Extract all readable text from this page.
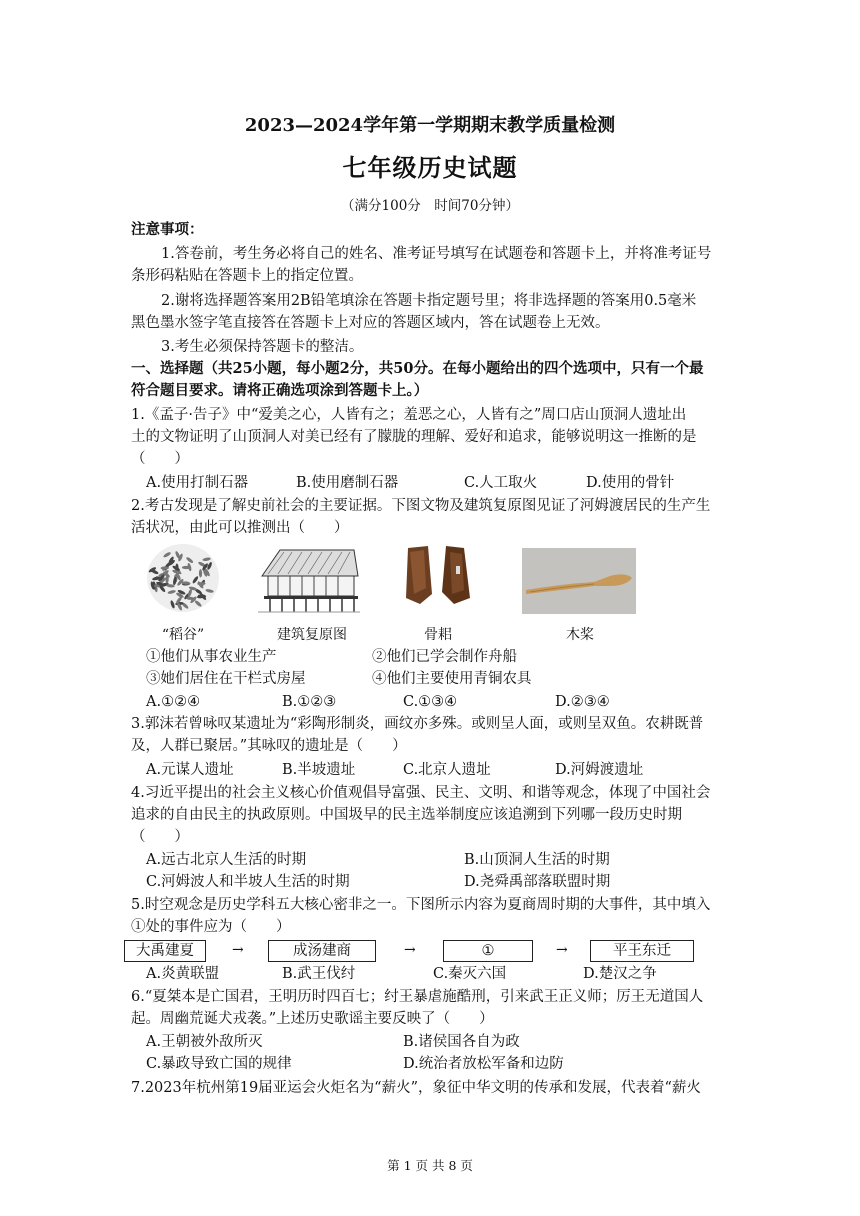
2023—2024学年第一学期期末教学质量检测
七年级历史试题
（满分100分　时间70分钟）
注意事项：
1.答卷前，考生务必将自己的姓名、准考证号填写在试题卷和答题卡上，并将准考证号
条形码粘贴在答题卡上的指定位置。
2.谢将选择题答案用2B铅笔填涂在答题卡指定题号里；将非选择题的答案用0.5毫米
黑色墨水签字笔直接答在答题卡上对应的答题区域内，答在试题卷上无效。
3.考生必须保持答题卡的整洁。
一、选择题（共25小题，每小题2分，共50分。在每小题给出的四个选项中，只有一个最
符合题目要求。请将正确选项涂到答题卡上。）
1.《孟子·告子》中“爱美之心，人皆有之；羞恶之心，人皆有之”周口店山顶洞人遗址出
土的文物证明了山顶洞人对美已经有了朦胧的理解、爱好和追求，能够说明这一推断的是
（　　）
A.使用打制石器	B.使用磨制石器	C.人工取火	D.使用的骨针
2.考古发现是了解史前社会的主要证据。下图文物及建筑复原图见证了河姆渡居民的生产生
活状况，由此可以推测出（　　）
“稻谷”	建筑复原图	骨耜	木桨
①他们从事农业生产	②他们已学会制作舟船
③她们居住在干栏式房屋	④他们主要使用青铜农具
A.①②④	B.①②③	C.①③④	D.②③④
3.郭沫若曾咏叹某遗址为“彩陶形制炎，画纹亦多殊。或则呈人面，或则呈双鱼。农耕既普
及，人群已聚居。”其咏叹的遗址是（　　）
A.元谋人遗址	B.半坡遗址	C.北京人遗址	D.河姆渡遗址
4.习近平提出的社会主义核心价值观倡导富强、民主、文明、和谐等观念，体现了中国社会
追求的自由民主的执政原则。中国圾早的民主选举制度应该追溯到下列哪一段历史时期
（　　）
A.远古北京人生活的时期	B.山顶洞人生活的时期
C.河姆波人和半坡人生活的时期	D.尧舜禹部落联盟时期
5.时空观念是历史学科五大核心密非之一。下图所示内容为夏商周时期的大事件，其中填入
①处的事件应为（　　）
大禹建夏	→	成汤建商	→	①	→	平王东迁
A.炎黄联盟	B.武王伐纣	C.秦灭六国	D.楚汉之争
6.“夏桀本是亡国君，王明历时四百七；纣王暴虐施酷刑，引来武王正义师；厉王无道国人
起。周幽荒诞犬戎袭。”上述历史歌谣主要反映了（　　）
A.王朝被外敌所灭	B.诸侯国各自为政
C.暴政导致亡国的规律	D.统治者放松军备和边防
7.2023年杭州第19届亚运会火炬名为“薪火”，象征中华文明的传承和发展，代表着“薪火
第 1 页 共 8 页
